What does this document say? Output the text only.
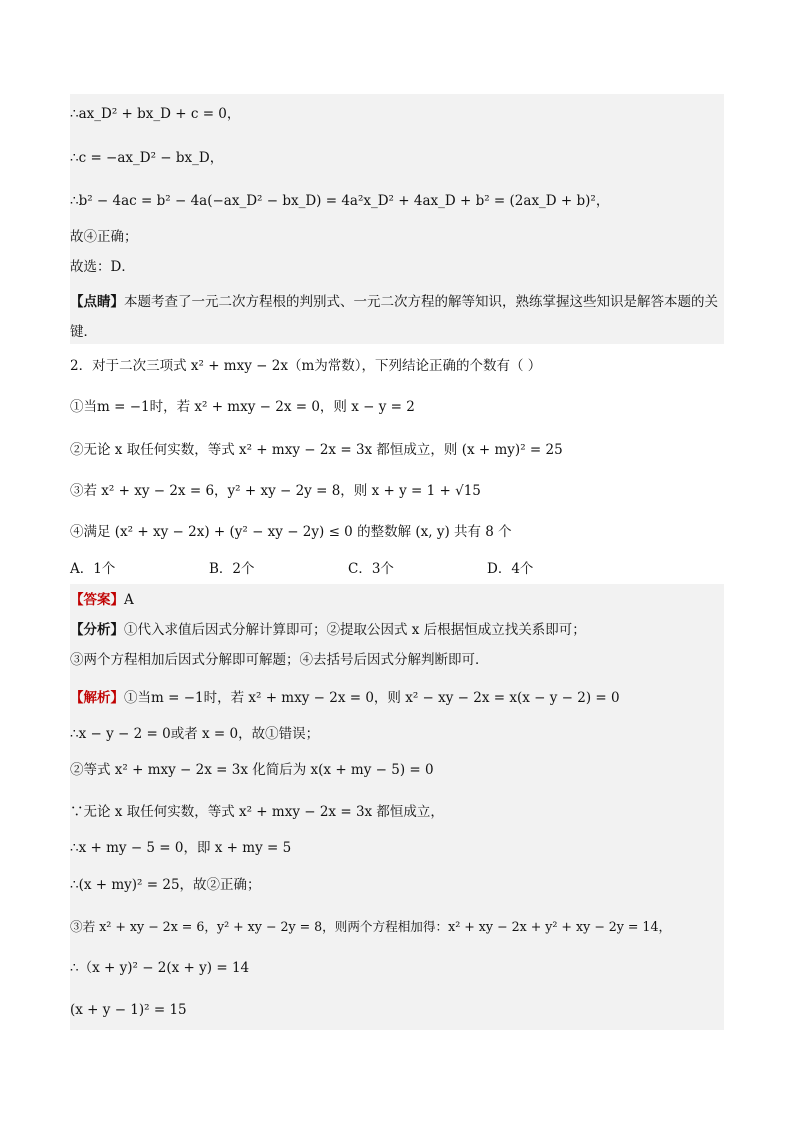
∴ax_D² + bx_D + c = 0，
∴c = −ax_D² − bx_D，
∴b² − 4ac = b² − 4a(−ax_D² − bx_D) = 4a²x_D² + 4ax_D + b² = (2ax_D + b)²，
故④正确；
故选：D．
【点睛】本题考查了一元二次方程根的判别式、一元二次方程的解等知识，熟练掌握这些知识是解答本题的关键．
2．对于二次三项式 x² + mxy − 2x（m为常数），下列结论正确的个数有（ ）
①当m = −1时，若 x² + mxy − 2x = 0，则 x − y = 2
②无论 x 取任何实数，等式 x² + mxy − 2x = 3x 都恒成立，则 (x + my)² = 25
③若 x² + xy − 2x = 6，y² + xy − 2y = 8，则 x + y = 1 + √15
④满足 (x² + xy − 2x) + (y² − xy − 2y) ≤ 0 的整数解 (x, y) 共有 8 个
A．1个	B．2个	C．3个	D．4个
【答案】A
【分析】①代入求值后因式分解计算即可；②提取公因式 x 后根据恒成立找关系即可；
③两个方程相加后因式分解即可解题；④去括号后因式分解判断即可．
【解析】①当m = −1时，若 x² + mxy − 2x = 0，则 x² − xy − 2x = x(x − y − 2) = 0
∴x − y − 2 = 0或者 x = 0，故①错误；
②等式 x² + mxy − 2x = 3x 化简后为 x(x + my − 5) = 0
∵无论 x 取任何实数，等式 x² + mxy − 2x = 3x 都恒成立，
∴x + my − 5 = 0，即 x + my = 5
∴(x + my)² = 25，故②正确；
③若 x² + xy − 2x = 6，y² + xy − 2y = 8，则两个方程相加得：x² + xy − 2x + y² + xy − 2y = 14，
∴（x + y)² − 2(x + y) = 14
(x + y − 1)² = 15
